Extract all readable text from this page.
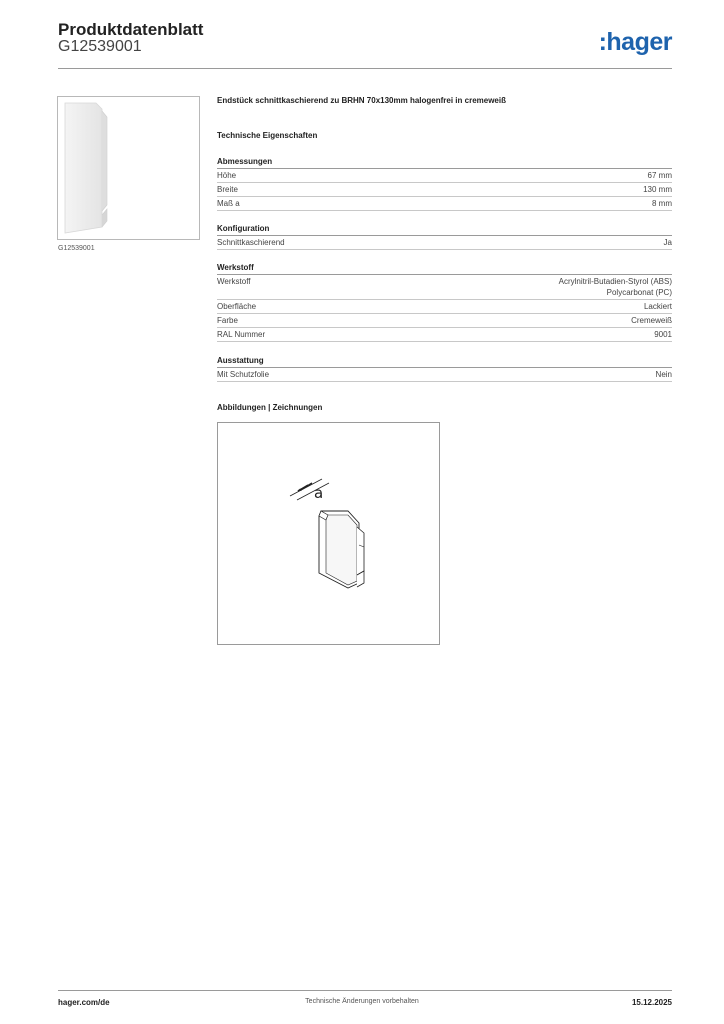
Produktdatenblatt
G12539001	:hager
G12539001
Endstück schnittkaschierend zu BRHN 70x130mm halogenfrei in cremeweiß
Technische Eigenschaften
Abmessungen
Höhe	67 mm
Breite	130 mm
Maß a	8 mm
Konfiguration
Schnittkaschierend	Ja
Werkstoff
Werkstoff	Acrylnitril-Butadien-Styrol (ABS)
Polycarbonat (PC)
Oberfläche	Lackiert
Farbe	Cremeweiß
RAL Nummer	9001
Ausstattung
Mit Schutzfolie	Nein
Abbildungen | Zeichnungen
a
hager.com/de	Technische Änderungen vorbehalten	15.12.2025
